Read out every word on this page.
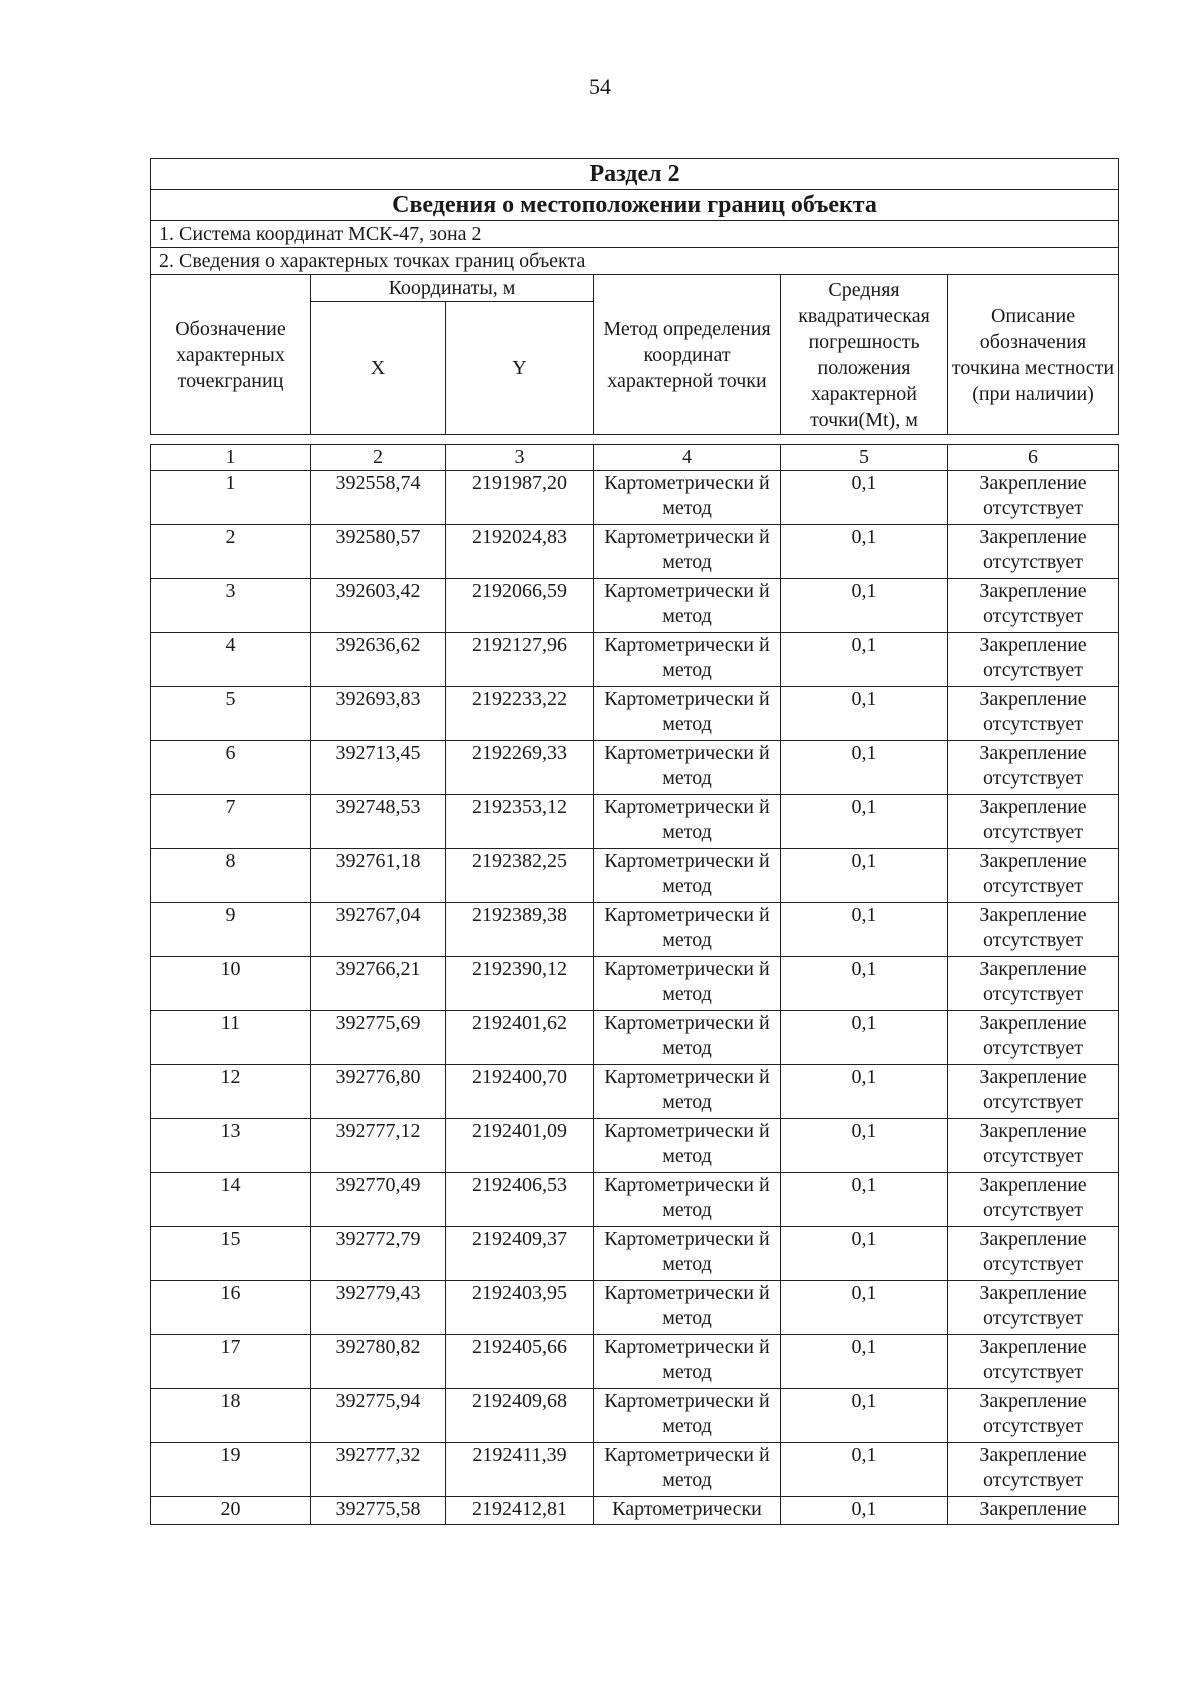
54
Раздел 2					
Сведения о местоположении границ объекта					
1. Система координат МСК-47, зона 2					
2. Сведения о характерных точках границ объекта					
Обозначение характерных точекграниц	Координаты, м		Метод определения координат характерной точки	Средняя квадратическая погрешность положения характерной точки(Mt), м	Описание обозначения точкина местности (при наличии)
	X	Y			
1	2	3	4	5	6
1	392558,74	2191987,20	Картометрически й метод	0,1	Закрепление отсутствует
2	392580,57	2192024,83	Картометрически й метод	0,1	Закрепление отсутствует
3	392603,42	2192066,59	Картометрически й метод	0,1	Закрепление отсутствует
4	392636,62	2192127,96	Картометрически й метод	0,1	Закрепление отсутствует
5	392693,83	2192233,22	Картометрически й метод	0,1	Закрепление отсутствует
6	392713,45	2192269,33	Картометрически й метод	0,1	Закрепление отсутствует
7	392748,53	2192353,12	Картометрически й метод	0,1	Закрепление отсутствует
8	392761,18	2192382,25	Картометрически й метод	0,1	Закрепление отсутствует
9	392767,04	2192389,38	Картометрически й метод	0,1	Закрепление отсутствует
10	392766,21	2192390,12	Картометрически й метод	0,1	Закрепление отсутствует
11	392775,69	2192401,62	Картометрически й метод	0,1	Закрепление отсутствует
12	392776,80	2192400,70	Картометрически й метод	0,1	Закрепление отсутствует
13	392777,12	2192401,09	Картометрически й метод	0,1	Закрепление отсутствует
14	392770,49	2192406,53	Картометрически й метод	0,1	Закрепление отсутствует
15	392772,79	2192409,37	Картометрически й метод	0,1	Закрепление отсутствует
16	392779,43	2192403,95	Картометрически й метод	0,1	Закрепление отсутствует
17	392780,82	2192405,66	Картометрически й метод	0,1	Закрепление отсутствует
18	392775,94	2192409,68	Картометрически й метод	0,1	Закрепление отсутствует
19	392777,32	2192411,39	Картометрически й метод	0,1	Закрепление отсутствует
20	392775,58	2192412,81	Картометрически	0,1	Закрепление
